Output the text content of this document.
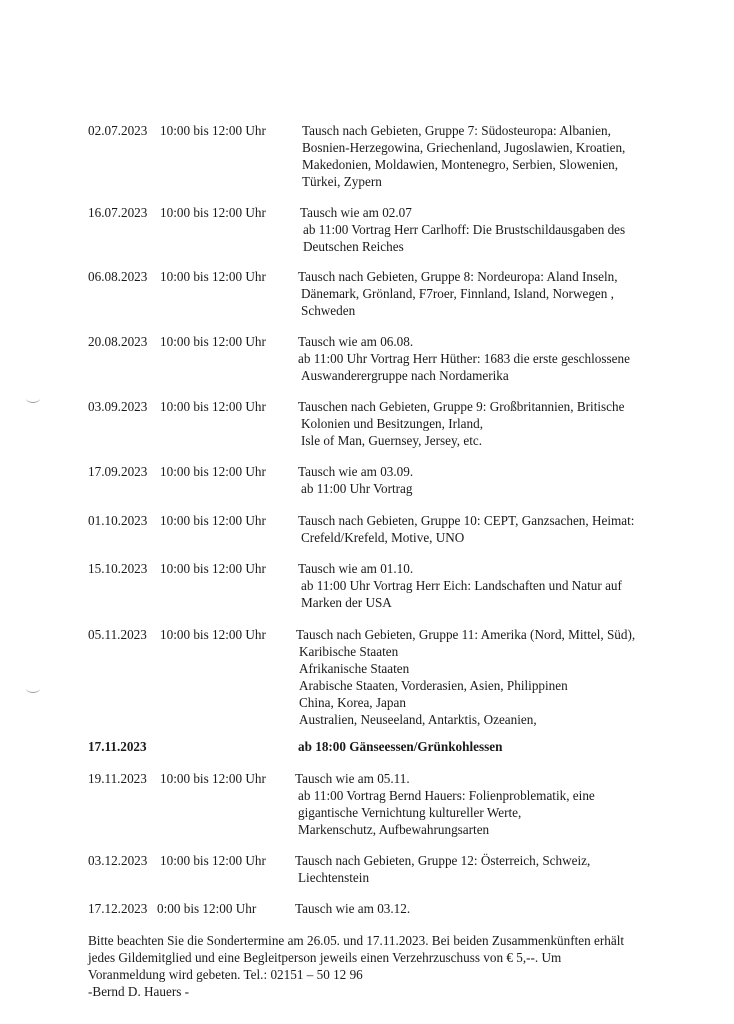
02.07.2023 10:00 bis 12:00 Uhr	Tausch nach Gebieten, Gruppe 7: Südosteuropa: Albanien,
Bosnien-Herzegowina, Griechenland, Jugoslawien, Kroatien,
Makedonien, Moldawien, Montenegro, Serbien, Slowenien,
Türkei, Zypern
16.07.2023 10:00 bis 12:00 Uhr	Tausch wie am 02.07
ab 11:00 Vortrag Herr Carlhoff: Die Brustschildausgaben des
Deutschen Reiches
06.08.2023 10:00 bis 12:00 Uhr Tausch nach Gebieten, Gruppe 8: Nordeuropa: Aland Inseln,
Dänemark, Grönland, F7roer, Finnland, Island, Norwegen ,
Schweden
20.08.2023 10:00 bis 12:00 Uhr Tausch wie am 06.08.
ab 11:00 Uhr Vortrag Herr Hüther: 1683 die erste geschlossene
Auswanderergruppe nach Nordamerika
03.09.2023 10:00 bis 12:00 Uhr Tauschen nach Gebieten, Gruppe 9: Großbritannien, Britische
Kolonien und Besitzungen, Irland,
Isle of Man, Guernsey, Jersey, etc.
17.09.2023 10:00 bis 12:00 Uhr Tausch wie am 03.09.
ab 11:00 Uhr Vortrag
01.10.2023 10:00 bis 12:00 Uhr Tausch nach Gebieten, Gruppe 10: CEPT, Ganzsachen, Heimat:
Crefeld/Krefeld, Motive, UNO
15.10.2023 10:00 bis 12:00 Uhr Tausch wie am 01.10.
ab 11:00 Uhr Vortrag Herr Eich: Landschaften und Natur auf
Marken der USA
05.11.2023 10:00 bis 12:00 Uhr Tausch nach Gebieten, Gruppe 11: Amerika (Nord, Mittel, Süd),
Karibische Staaten
Afrikanische Staaten
Arabische Staaten, Vorderasien, Asien, Philippinen
China, Korea, Japan
Australien, Neuseeland, Antarktis, Ozeanien,
17.11.2023	ab 18:00 Gänseessen/Grünkohlessen
19.11.2023 10:00 bis 12:00 Uhr Tausch wie am 05.11.
ab 11:00 Vortrag Bernd Hauers: Folienproblematik, eine
gigantische Vernichtung kultureller Werte,
Markenschutz, Aufbewahrungsarten
03.12.2023 10:00 bis 12:00 Uhr Tausch nach Gebieten, Gruppe 12: Österreich, Schweiz,
Liechtenstein
17.12.2023 0:00 bis 12:00 Uhr	Tausch wie am 03.12.
Bitte beachten Sie die Sondertermine am 26.05. und 17.11.2023. Bei beiden Zusammenkünften erhält
jedes Gildemitglied und eine Begleitperson jeweils einen Verzehrzuschuss von € 5,--. Um
Voranmeldung wird gebeten. Tel.: 02151 – 50 12 96
-Bernd D. Hauers -
